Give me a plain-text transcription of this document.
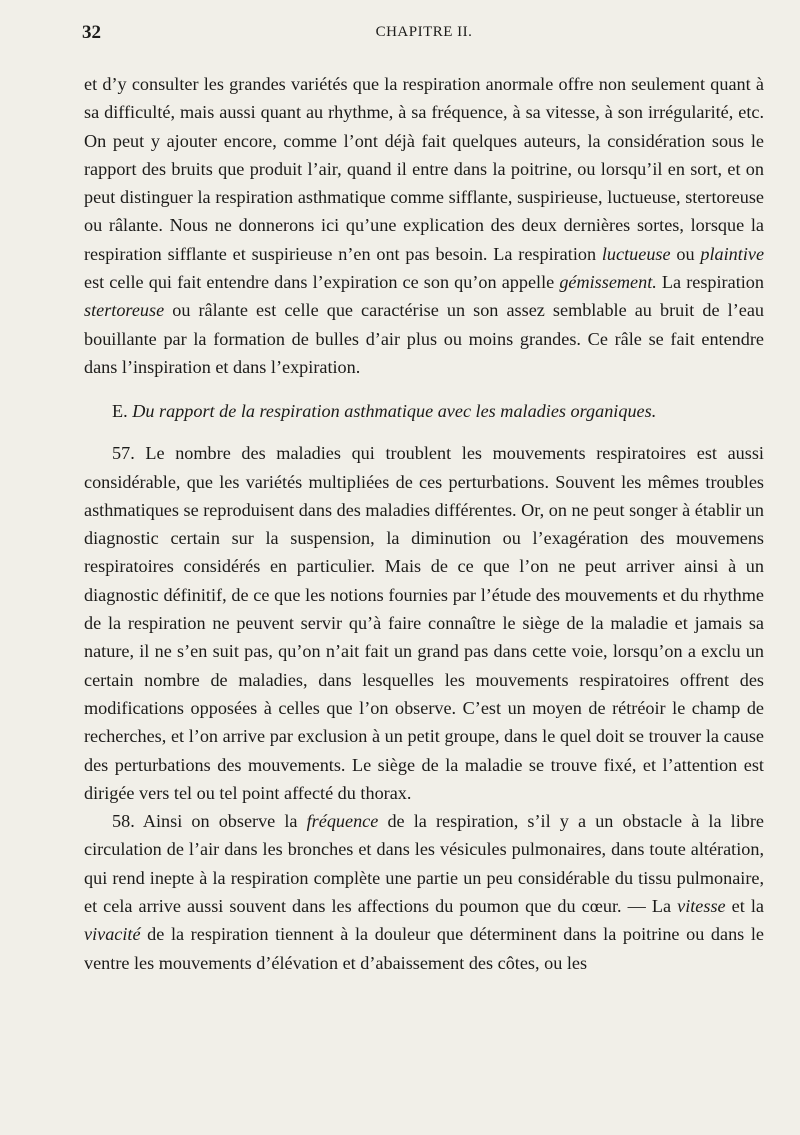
32	CHAPITRE II.

et d’y consulter les grandes variétés que la respiration anormale offre non seulement quant à sa difficulté, mais aussi quant au rhythme, à sa fréquence, à sa vitesse, à son irrégularité, etc. On peut y ajouter encore, comme l’ont déjà fait quelques auteurs, la considération sous le rapport des bruits que produit l’air, quand il entre dans la poitrine, ou lorsqu’il en sort, et on peut distinguer la respiration asthmatique comme sifflante, suspirieuse, luctueuse, stertoreuse ou râlante. Nous ne donnerons ici qu’une explication des deux dernières sortes, lorsque la respiration sifflante et suspirieuse n’en ont pas besoin. La respiration luctueuse ou plaintive est celle qui fait entendre dans l’expiration ce son qu’on appelle gémissement. La respiration stertoreuse ou râlante est celle que caractérise un son assez semblable au bruit de l’eau bouillante par la formation de bulles d’air plus ou moins grandes. Ce râle se fait entendre dans l’inspiration et dans l’expiration.

E. Du rapport de la respiration asthmatique avec les maladies organiques.

57. Le nombre des maladies qui troublent les mouvements respiratoires est aussi considérable, que les variétés multipliées de ces perturbations. Souvent les mêmes troubles asthmatiques se reproduisent dans des maladies différentes. Or, on ne peut songer à établir un diagnostic certain sur la suspension, la diminution ou l’exagération des mouvemens respiratoires considérés en particulier. Mais de ce que l’on ne peut arriver ainsi à un diagnostic définitif, de ce que les notions fournies par l’étude des mouvements et du rhythme de la respiration ne peuvent servir qu’à faire connaître le siège de la maladie et jamais sa nature, il ne s’en suit pas, qu’on n’ait fait un grand pas dans cette voie, lorsqu’on a exclu un certain nombre de maladies, dans lesquelles les mouvements respiratoires offrent des modifications opposées à celles que l’on observe. C’est un moyen de rétréoir le champ de recherches, et l’on arrive par exclusion à un petit groupe, dans le quel doit se trouver la cause des perturbations des mouvements. Le siège de la maladie se trouve fixé, et l’attention est dirigée vers tel ou tel point affecté du thorax.

58. Ainsi on observe la fréquence de la respiration, s’il y a un obstacle à la libre circulation de l’air dans les bronches et dans les vésicules pulmonaires, dans toute altération, qui rend inepte à la respiration complète une partie un peu considérable du tissu pulmonaire, et cela arrive aussi souvent dans les affections du poumon que du cœur. — La vitesse et la vivacité de la respiration tiennent à la douleur que déterminent dans la poitrine ou dans le ventre les mouvements d’élévation et d’abaissement des côtes, ou les
